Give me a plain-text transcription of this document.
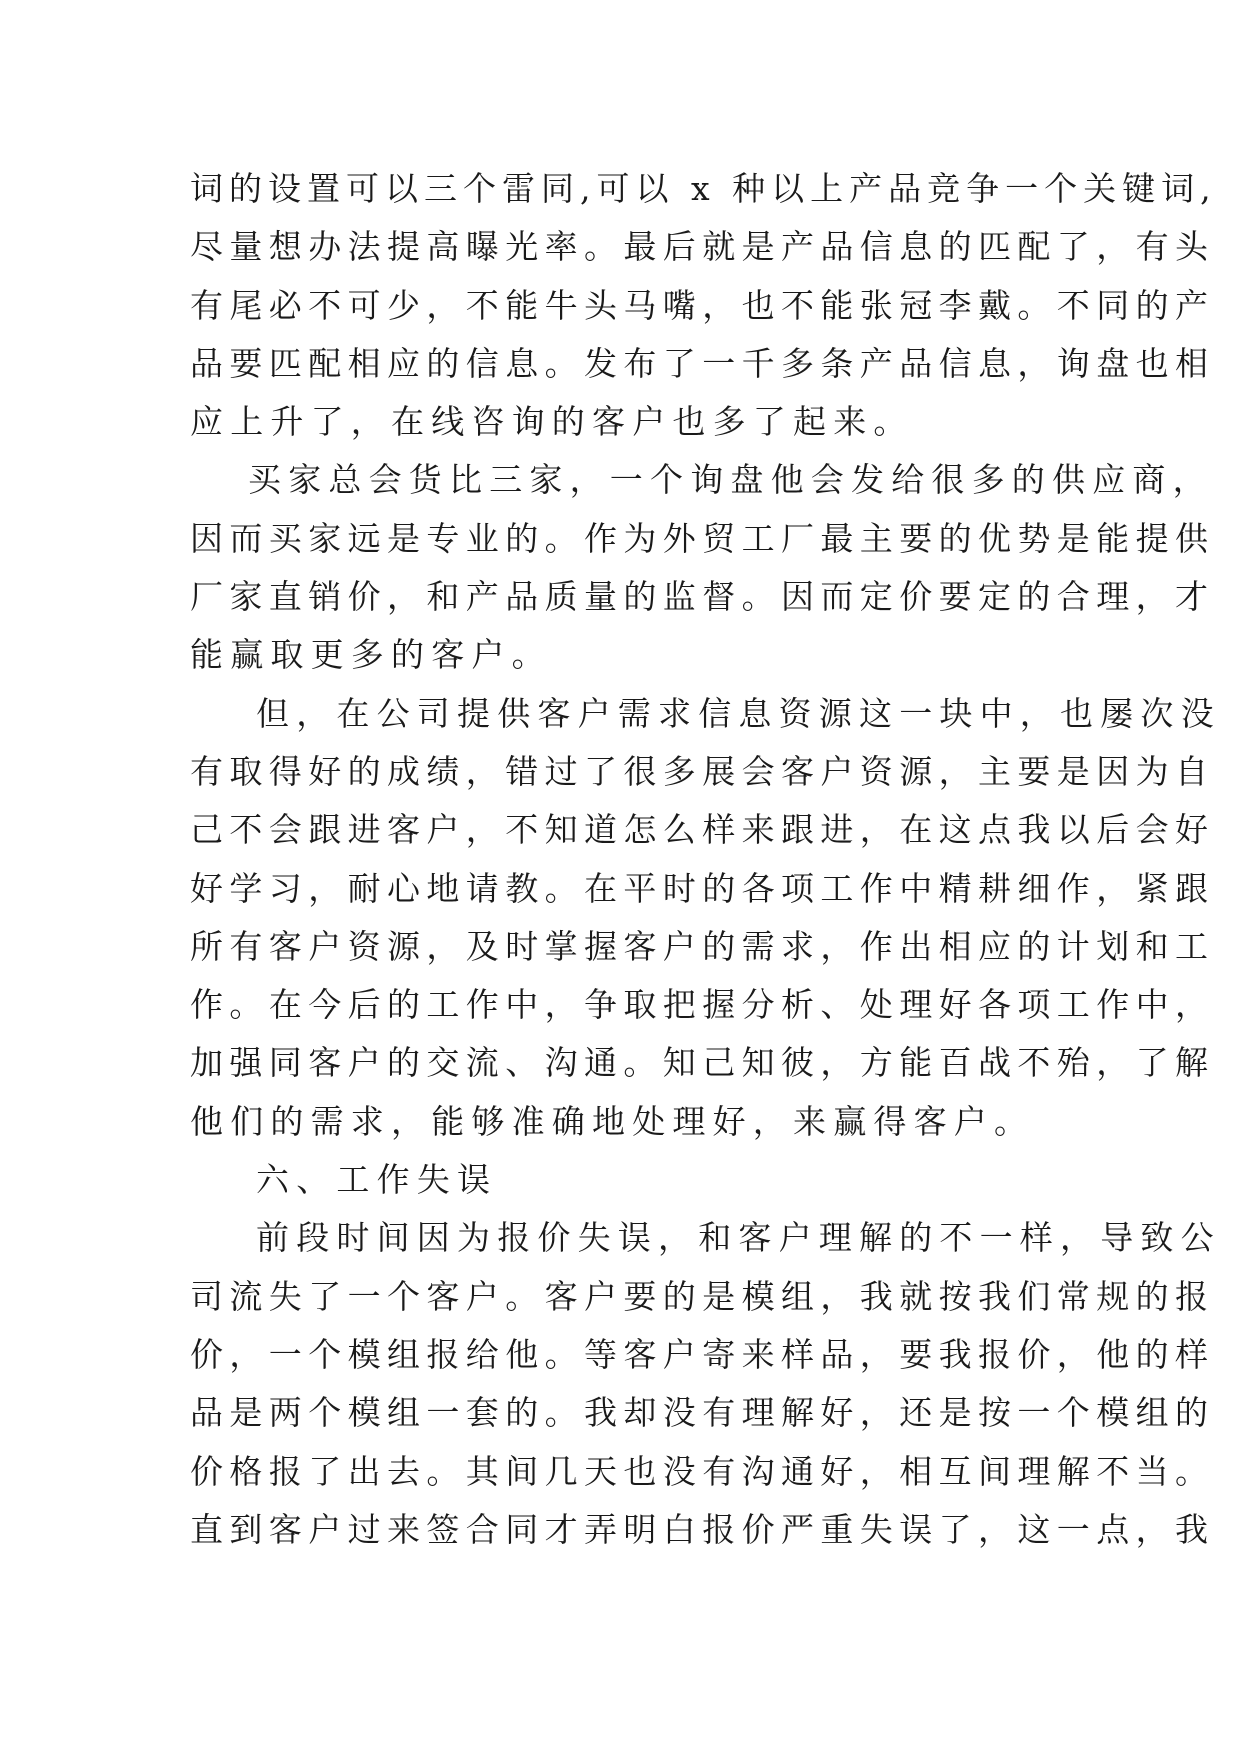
词的设置可以三个雷同,可以 x 种以上产品竞争一个关键词,
尽量想办法提高曝光率。最后就是产品信息的匹配了，有头
有尾必不可少，不能牛头马嘴，也不能张冠李戴。不同的产
品要匹配相应的信息。发布了一千多条产品信息，询盘也相
应上升了，在线咨询的客户也多了起来。
买家总会货比三家，一个询盘他会发给很多的供应商，
因而买家远是专业的。作为外贸工厂最主要的优势是能提供
厂家直销价，和产品质量的监督。因而定价要定的合理，才
能赢取更多的客户。
但，在公司提供客户需求信息资源这一块中，也屡次没
有取得好的成绩，错过了很多展会客户资源，主要是因为自
己不会跟进客户，不知道怎么样来跟进，在这点我以后会好
好学习，耐心地请教。在平时的各项工作中精耕细作，紧跟
所有客户资源，及时掌握客户的需求，作出相应的计划和工
作。在今后的工作中，争取把握分析、处理好各项工作中，
加强同客户的交流、沟通。知己知彼，方能百战不殆，了解
他们的需求，能够准确地处理好，来赢得客户。
六、工作失误
前段时间因为报价失误，和客户理解的不一样，导致公
司流失了一个客户。客户要的是模组，我就按我们常规的报
价，一个模组报给他。等客户寄来样品，要我报价，他的样
品是两个模组一套的。我却没有理解好，还是按一个模组的
价格报了出去。其间几天也没有沟通好，相互间理解不当。
直到客户过来签合同才弄明白报价严重失误了，这一点，我
